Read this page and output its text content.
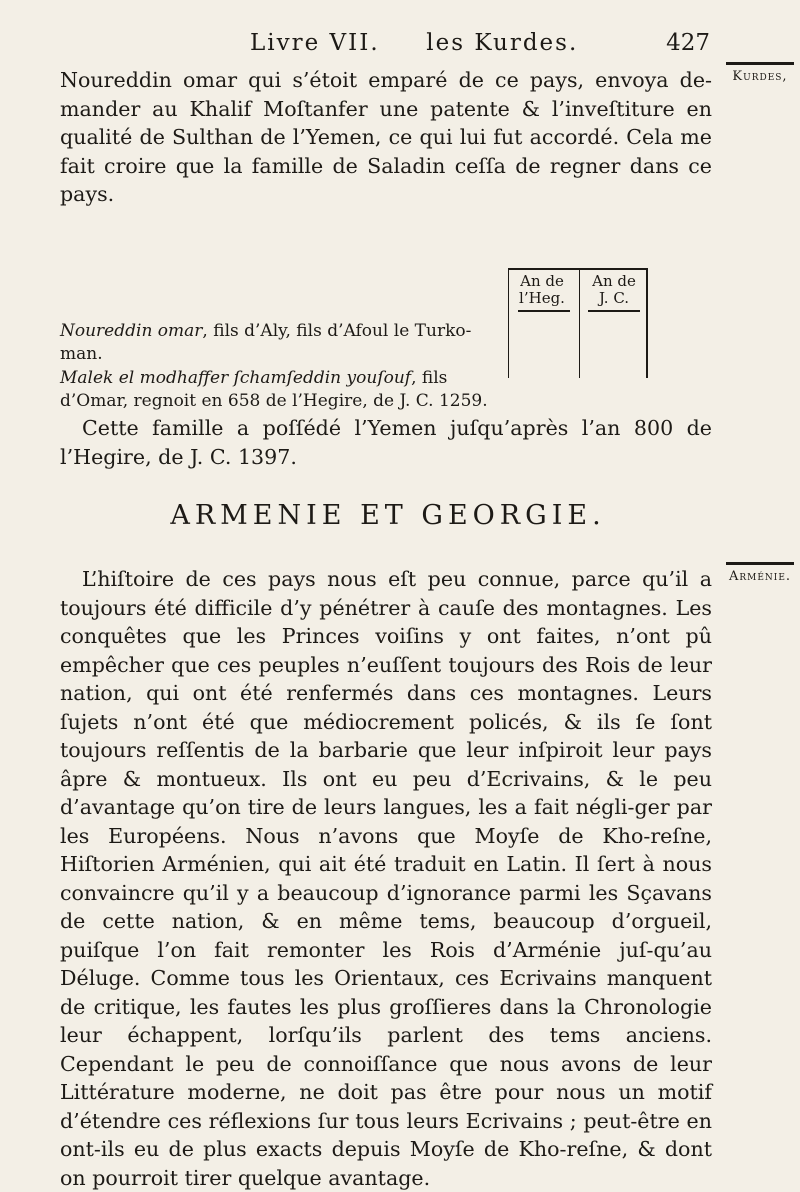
Livre VII. les Kurdes.	427
Kurdes,

Noureddin omar qui s’étoit emparé de ce pays, envoya de-mander au Khalif Moſtanfer une patente & l’inveſtiture en qualité de Sulthan de l’Yemen, ce qui lui fut accordé. Cela me fait croire que la famille de Saladin ceſſa de regner dans ce pays.

An de l’Heg.
An de J. C.

Noureddin omar, fils d’Aly, fils d’Afoul le Turko-man.

Malek el modhaffer ſchamſeddin youſouf, fils d’Omar, regnoit en 658 de l’Hegire, de J. C. 1259.

Cette famille a poſſédé l’Yemen juſqu’après l’an 800 de l’Hegire, de J. C. 1397.

ARMENIE ET GEORGIE.
Arménie.

L’hiſtoire de ces pays nous eſt peu connue, parce qu’il a toujours été difficile d’y pénétrer à cauſe des montagnes. Les conquêtes que les Princes voiſins y ont faites, n’ont pû empêcher que ces peuples n’euſſent toujours des Rois de leur nation, qui ont été renfermés dans ces montagnes. Leurs ſujets n’ont été que médiocrement policés, & ils ſe ſont toujours reſſentis de la barbarie que leur inſpiroit leur pays âpre & montueux. Ils ont eu peu d’Ecrivains, & le peu d’avantage qu’on tire de leurs langues, les a fait négli-ger par les Européens. Nous n’avons que Moyſe de Kho-reſne, Hiſtorien Arménien, qui ait été traduit en Latin. Il ſert à nous convaincre qu’il y a beaucoup d’ignorance parmi les Sçavans de cette nation, & en même tems, beaucoup d’orgueil, puiſque l’on fait remonter les Rois d’Arménie juſ-qu’au Déluge. Comme tous les Orientaux, ces Ecrivains manquent de critique, les fautes les plus groſſieres dans la Chronologie leur échappent, lorſqu’ils parlent des tems anciens. Cependant le peu de connoiſſance que nous avons de leur Littérature moderne, ne doit pas être pour nous un motif d’étendre ces réflexions ſur tous leurs Ecrivains ; peut-être en ont-ils eu de plus exacts depuis Moyſe de Kho-reſne, & dont on pourroit tirer quelque avantage.
